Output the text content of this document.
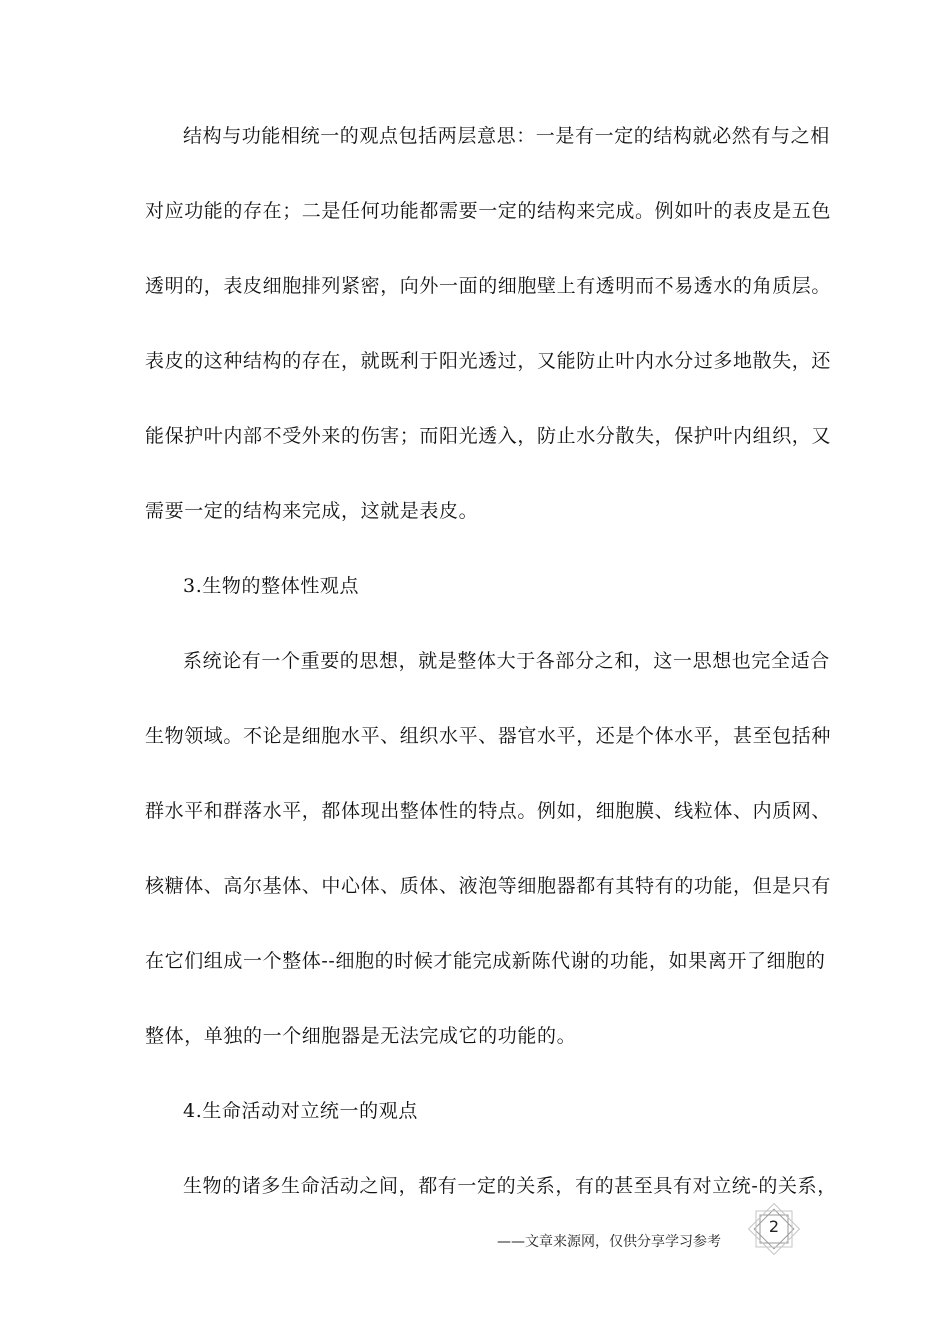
结构与功能相统一的观点包括两层意思：一是有一定的结构就必然有与之相
对应功能的存在；二是任何功能都需要一定的结构来完成。例如叶的表皮是五色
透明的，表皮细胞排列紧密，向外一面的细胞壁上有透明而不易透水的角质层。
表皮的这种结构的存在，就既利于阳光透过，又能防止叶内水分过多地散失，还
能保护叶内部不受外来的伤害；而阳光透入，防止水分散失，保护叶内组织，又
需要一定的结构来完成，这就是表皮。
3.生物的整体性观点
系统论有一个重要的思想，就是整体大于各部分之和，这一思想也完全适合
生物领域。不论是细胞水平、组织水平、器官水平，还是个体水平，甚至包括种
群水平和群落水平，都体现出整体性的特点。例如，细胞膜、线粒体、内质网、
核糖体、高尔基体、中心体、质体、液泡等细胞器都有其特有的功能，但是只有
在它们组成一个整体--细胞的时候才能完成新陈代谢的功能，如果离开了细胞的
整体，单独的一个细胞器是无法完成它的功能的。
4.生命活动对立统一的观点
生物的诸多生命活动之间，都有一定的关系，有的甚至具有对立统-的关系，
——文章来源网，仅供分享学习参考
2
